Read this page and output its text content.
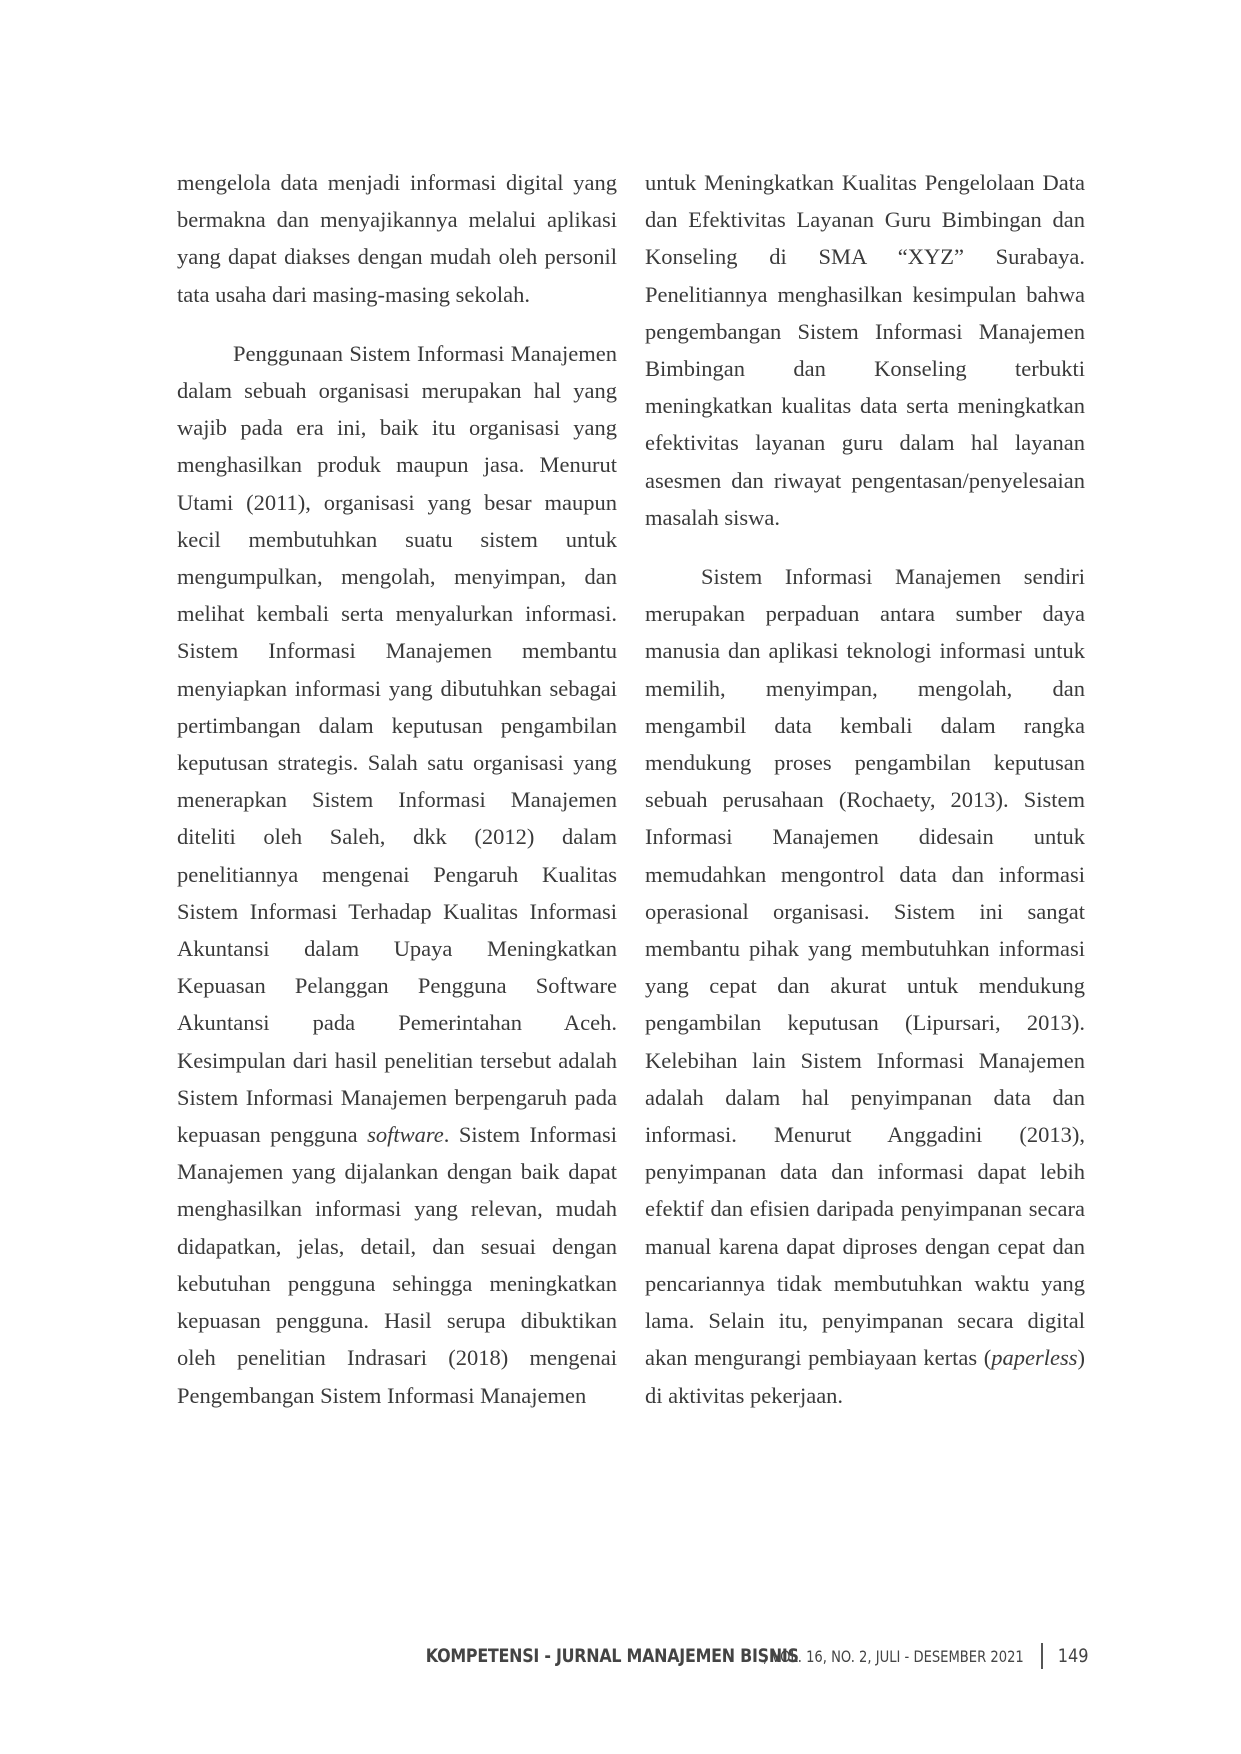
mengelola data menjadi informasi digital yang bermakna dan menyajikannya melalui aplikasi yang dapat diakses dengan mudah oleh personil tata usaha dari masing-masing sekolah.

Penggunaan Sistem Informasi Manajemen dalam sebuah organisasi merupakan hal yang wajib pada era ini, baik itu organisasi yang menghasilkan produk maupun jasa. Menurut Utami (2011), organisasi yang besar maupun kecil membutuhkan suatu sistem untuk mengumpulkan, mengolah, menyimpan, dan melihat kembali serta menyalurkan informasi. Sistem Informasi Manajemen membantu menyiapkan informasi yang dibutuhkan sebagai pertimbangan dalam keputusan pengambilan keputusan strategis. Salah satu organisasi yang menerapkan Sistem Informasi Manajemen diteliti oleh Saleh, dkk (2012) dalam penelitiannya mengenai Pengaruh Kualitas Sistem Informasi Terhadap Kualitas Informasi Akuntansi dalam Upaya Meningkatkan Kepuasan Pelanggan Pengguna Software Akuntansi pada Pemerintahan Aceh. Kesimpulan dari hasil penelitian tersebut adalah Sistem Informasi Manajemen berpengaruh pada kepuasan pengguna software. Sistem Informasi Manajemen yang dijalankan dengan baik dapat menghasilkan informasi yang relevan, mudah didapatkan, jelas, detail, dan sesuai dengan kebutuhan pengguna sehingga meningkatkan kepuasan pengguna. Hasil serupa dibuktikan oleh penelitian Indrasari (2018) mengenai Pengembangan Sistem Informasi Manajemen

untuk Meningkatkan Kualitas Pengelolaan Data dan Efektivitas Layanan Guru Bimbingan dan Konseling di SMA “XYZ” Surabaya. Penelitiannya menghasilkan kesimpulan bahwa pengembangan Sistem Informasi Manajemen Bimbingan dan Konseling terbukti meningkatkan kualitas data serta meningkatkan efektivitas layanan guru dalam hal layanan asesmen dan riwayat pengentasan/penyelesaian masalah siswa.

Sistem Informasi Manajemen sendiri merupakan perpaduan antara sumber daya manusia dan aplikasi teknologi informasi untuk memilih, menyimpan, mengolah, dan mengambil data kembali dalam rangka mendukung proses pengambilan keputusan sebuah perusahaan (Rochaety, 2013). Sistem Informasi Manajemen didesain untuk memudahkan mengontrol data dan informasi operasional organisasi. Sistem ini sangat membantu pihak yang membutuhkan informasi yang cepat dan akurat untuk mendukung pengambilan keputusan (Lipursari, 2013). Kelebihan lain Sistem Informasi Manajemen adalah dalam hal penyimpanan data dan informasi. Menurut Anggadini (2013), penyimpanan data dan informasi dapat lebih efektif dan efisien daripada penyimpanan secara manual karena dapat diproses dengan cepat dan pencariannya tidak membutuhkan waktu yang lama. Selain itu, penyimpanan secara digital akan mengurangi pembiayaan kertas (paperless) di aktivitas pekerjaan.

KOMPETENSI - JURNAL MANAJEMEN BISNIS
, VOL. 16, NO. 2, JULI - DESEMBER 2021 149
